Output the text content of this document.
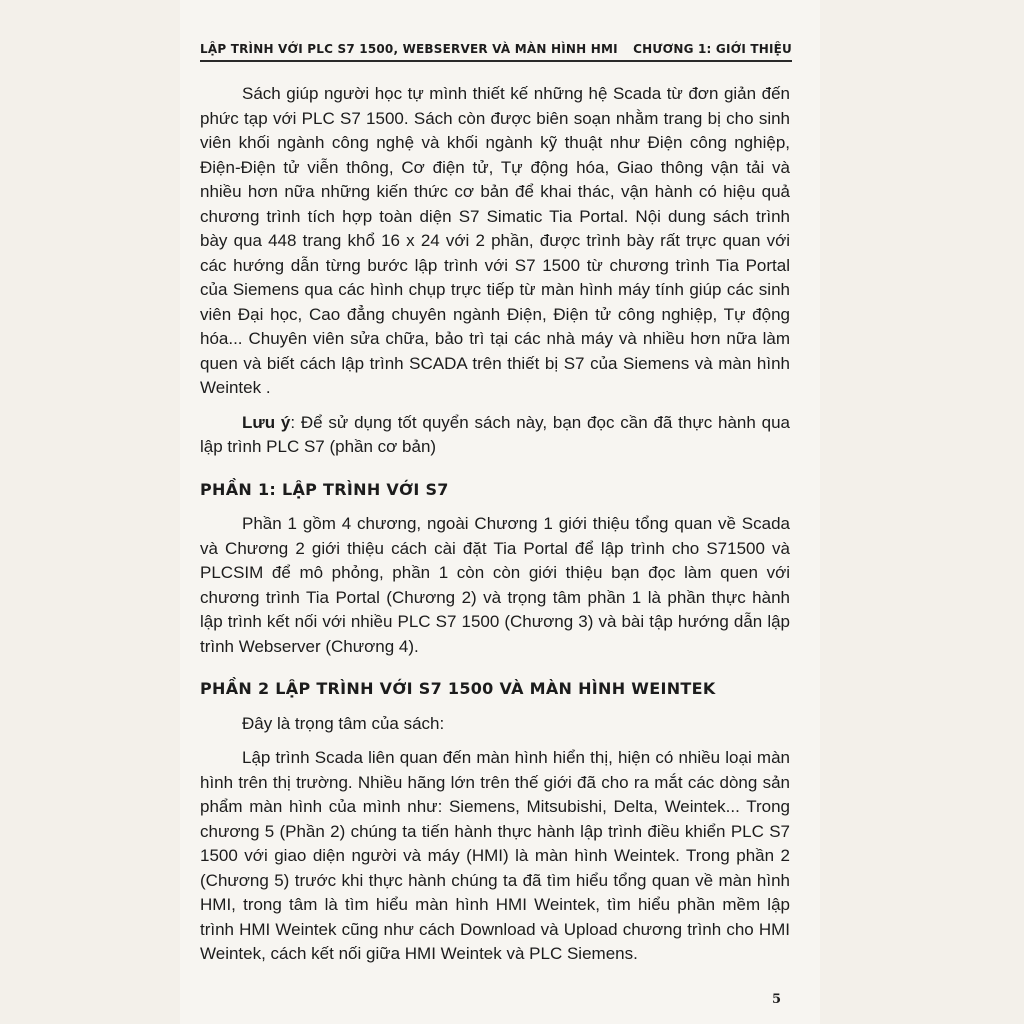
LẬP TRÌNH VỚI PLC S7 1500, WEBSERVER VÀ MÀN HÌNH HMI CHƯƠNG 1: GIỚI THIỆU

Sách giúp người học tự mình thiết kế những hệ Scada từ đơn giản đến phức tạp với PLC S7 1500. Sách còn được biên soạn nhằm trang bị cho sinh viên khối ngành công nghệ và khối ngành kỹ thuật như Điện công nghiệp, Điện-Điện tử viễn thông, Cơ điện tử, Tự động hóa, Giao thông vận tải và nhiều hơn nữa những kiến thức cơ bản để khai thác, vận hành có hiệu quả chương trình tích hợp toàn diện S7 Simatic Tia Portal. Nội dung sách trình bày qua 448 trang khổ 16 x 24 với 2 phần, được trình bày rất trực quan với các hướng dẫn từng bước lập trình với S7 1500 từ chương trình Tia Portal của Siemens qua các hình chụp trực tiếp từ màn hình máy tính giúp các sinh viên Đại học, Cao đẳng chuyên ngành Điện, Điện tử công nghiệp, Tự động hóa... Chuyên viên sửa chữa, bảo trì tại các nhà máy và nhiều hơn nữa làm quen và biết cách lập trình SCADA trên thiết bị S7 của Siemens và màn hình Weintek .

Lưu ý: Để sử dụng tốt quyển sách này, bạn đọc cần đã thực hành qua lập trình PLC S7 (phần cơ bản)

PHẦN 1: LẬP TRÌNH VỚI S7

Phần 1 gồm 4 chương, ngoài Chương 1 giới thiệu tổng quan về Scada và Chương 2 giới thiệu cách cài đặt Tia Portal để lập trình cho S71500 và PLCSIM để mô phỏng, phần 1 còn còn giới thiệu bạn đọc làm quen với chương trình Tia Portal (Chương 2) và trọng tâm phần 1 là phần thực hành lập trình kết nối với nhiều PLC S7 1500 (Chương 3) và bài tập hướng dẫn lập trình Webserver (Chương 4).

PHẦN 2 LẬP TRÌNH VỚI S7 1500 VÀ MÀN HÌNH WEINTEK

Đây là trọng tâm của sách:

Lập trình Scada liên quan đến màn hình hiển thị, hiện có nhiều loại màn hình trên thị trường. Nhiều hãng lớn trên thế giới đã cho ra mắt các dòng sản phẩm màn hình của mình như: Siemens, Mitsubishi, Delta, Weintek... Trong chương 5 (Phần 2) chúng ta tiến hành thực hành lập trình điều khiển PLC S7 1500 với giao diện người và máy (HMI) là màn hình Weintek. Trong phần 2 (Chương 5) trước khi thực hành chúng ta đã tìm hiểu tổng quan về màn hình HMI, trong tâm là tìm hiểu màn hình HMI Weintek, tìm hiểu phần mềm lập trình HMI Weintek cũng như cách Download và Upload chương trình cho HMI Weintek, cách kết nối giữa HMI Weintek và PLC Siemens.

5
